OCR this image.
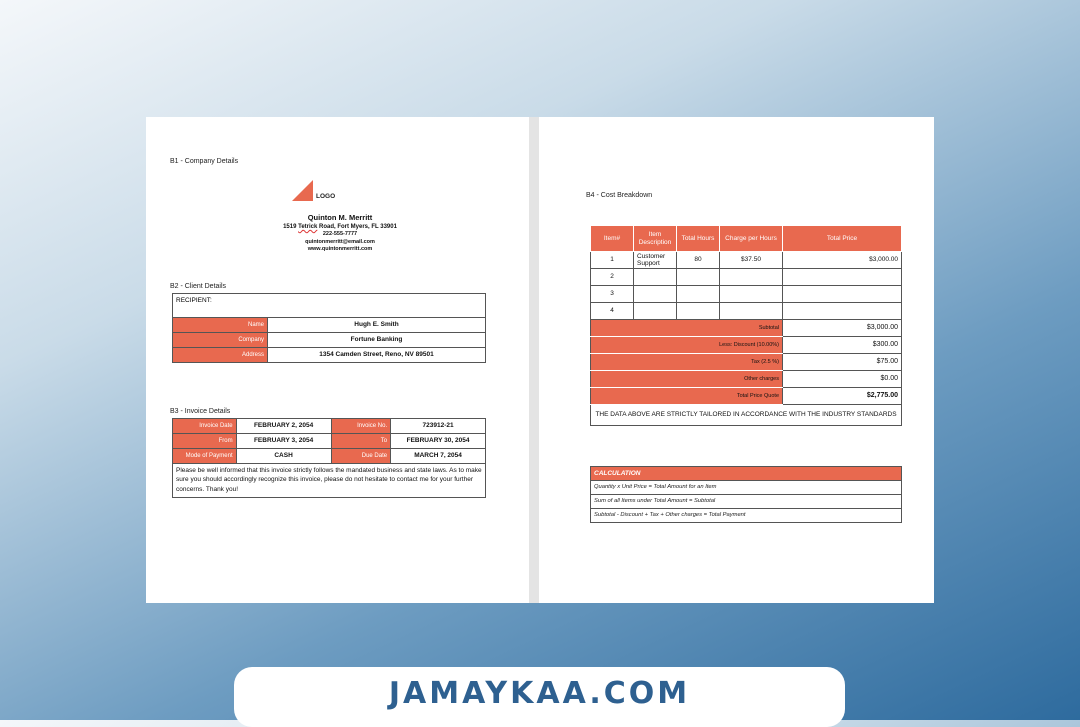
B1 - Company Details
LOGO
Quinton M. Merritt
1519 Tetrick Road, Fort Myers, FL 33901
222-555-7777
quintonmerritt@email.com
www.quintonmerritt.com
B2 - Client Details
RECIPIENT:	
Name	Hugh E. Smith
Company	Fortune Banking
Address	1354 Camden Street, Reno, NV 89501
B3 - Invoice Details
Invoice Date	FEBRUARY 2, 2054	Invoice No.	723912-21
From	FEBRUARY 3, 2054	To	FEBRUARY 30, 2054
Mode of Payment	CASH	Due Date	MARCH 7, 2054
Please be well informed that this invoice strictly follows the mandated business and state laws. As to make sure you should accordingly recognize this invoice, please do not hesitate to contact me for your further concerns. Thank you!			
B4 - Cost Breakdown
Item#	Item Description	Total Hours	Charge per Hours	Total Price
1	Customer Support	80	$37.50	$3,000.00
2				
3				
4				
Subtotal				$3,000.00
Less: Discount (10.00%)				$300.00
Tax (2.5 %)				$75.00
Other charges				$0.00
Total Price Quote				$2,775.00
THE DATA ABOVE ARE STRICTLY TAILORED IN ACCORDANCE WITH THE INDUSTRY STANDARDS				
CALCULATION
Quantity x Unit Price = Total Amount for an Item
Sum of all Items under Total Amount = Subtotal
Subtotal - Discount + Tax + Other charges = Total Payment
JAMAYKAA.COM
